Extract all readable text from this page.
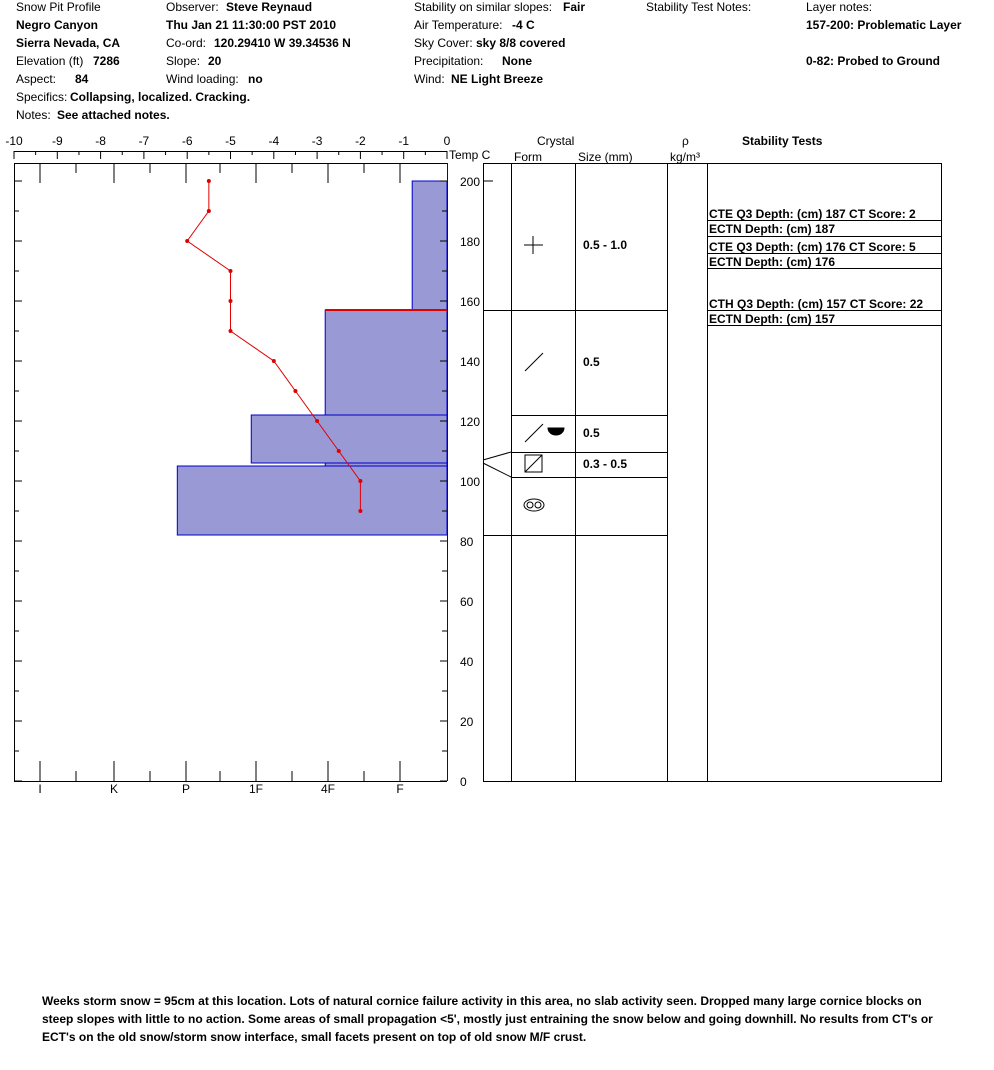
Snow Pit Profile
Negro Canyon
Sierra Nevada, CA
Elevation (ft) 7286
Aspect: 84
Specifics: Collapsing, localized. Cracking.
Notes: See attached notes.
Observer: Steve Reynaud
Thu Jan 21 11:30:00 PST 2010
Co-ord: 120.29410 W 39.34536 N
Slope: 20
Wind loading: no
Stability on similar slopes: Fair
Air Temperature: -4 C
Sky Cover: sky 8/8 covered
Precipitation: None
Wind: NE Light Breeze
Stability Test Notes:	Layer notes:
157-200: Problematic Layer
0-82: Probed to Ground
-10 -9	-8	-7	-6	-5	-4	-3	-2	-1	0
0
20
40
60
80
100
120
140
160
180
200
I	K	P	1F	4F	F
Temp C
Crystal
Form	Size (mm)
ρ
kg/m³
Stability Tests
0.5 - 1.0
0.5
0.5
0.3 - 0.5
CTE Q3 Depth: (cm) 187 CT Score: 2
ECTN Depth: (cm) 187
CTE Q3 Depth: (cm) 176 CT Score: 5
ECTN Depth: (cm) 176
CTH Q3 Depth: (cm) 157 CT Score: 22
ECTN Depth: (cm) 157
Weeks storm snow = 95cm at this location. Lots of natural cornice failure activity in this area, no slab activity seen. Dropped many large cornice blocks on
steep slopes with little to no action. Some areas of small propagation <5', mostly just entraining the snow below and going downhill. No results from CT's or
ECT's on the old snow/storm snow interface, small facets present on top of old snow M/F crust.
